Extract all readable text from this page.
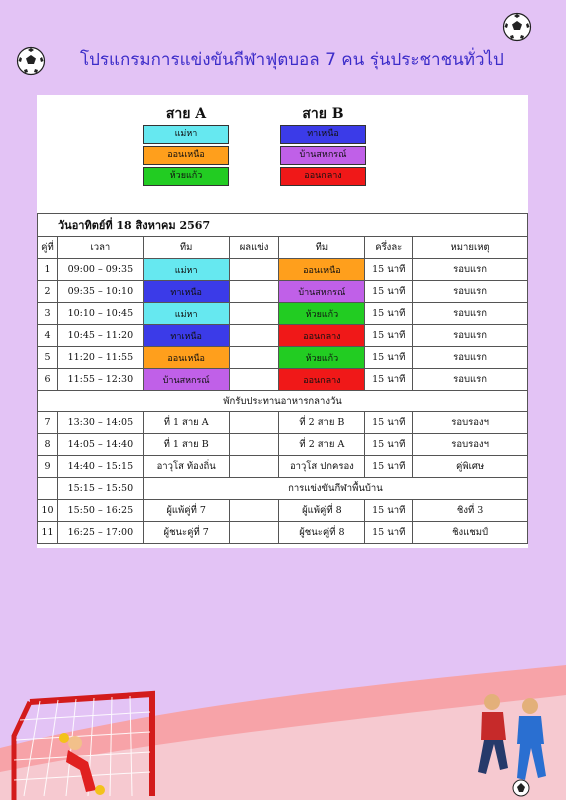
โปรแกรมการแข่งขันกีฬาฟุตบอล 7 คน รุ่นประชาชนทั่วไป
สาย A
แม่หา
ออนเหนือ
ห้วยแก้ว
สาย B
ทาเหนือ
บ้านสหกรณ์
ออนกลาง
วันอาทิตย์ที่ 18 สิงหาคม 2567						
คู่ที่	เวลา	ทีม	ผลแข่ง	ทีม	ครึ่งละ	หมายเหตุ
1	09:00 – 09:35	แม่หา		ออนเหนือ	15 นาที	รอบแรก
2	09:35 – 10:10	ทาเหนือ		บ้านสหกรณ์	15 นาที	รอบแรก
3	10:10 – 10:45	แม่หา		ห้วยแก้ว	15 นาที	รอบแรก
4	10:45 – 11:20	ทาเหนือ		ออนกลาง	15 นาที	รอบแรก
5	11:20 – 11:55	ออนเหนือ		ห้วยแก้ว	15 นาที	รอบแรก
6	11:55 – 12:30	บ้านสหกรณ์		ออนกลาง	15 นาที	รอบแรก
พักรับประทานอาหารกลางวัน						
7	13:30 – 14:05	ที่ 1 สาย A		ที่ 2 สาย B	15 นาที	รอบรองฯ
8	14:05 – 14:40	ที่ 1 สาย B		ที่ 2 สาย A	15 นาที	รอบรองฯ
9	14:40 – 15:15	อาวุโส ท้องถิ่น		อาวุโส ปกครอง	15 นาที	คู่พิเศษ
	15:15 – 15:50	การแข่งขันกีฬาพื้นบ้าน				
10	15:50 – 16:25	ผู้แพ้คู่ที่ 7		ผู้แพ้คู่ที่ 8	15 นาที	ชิงที่ 3
11	16:25 – 17:00	ผู้ชนะคู่ที่ 7		ผู้ชนะคู่ที่ 8	15 นาที	ชิงแชมป์
